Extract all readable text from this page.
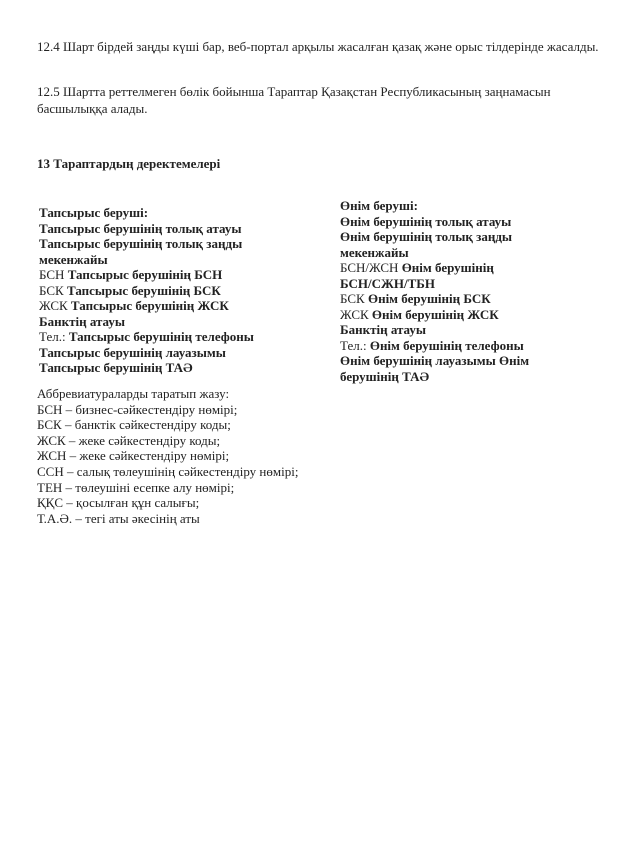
12.4 Шарт бірдей заңды күші бар, веб-портал арқылы жасалған қазақ және орыс тілдерінде жасалды.

12.5 Шартта реттелмеген бөлік бойынша Тараптар Қазақстан Республикасының заңнамасын басшылыққа алады.

13 Тараптардың деректемелері
Тапсырыс беруші:
Тапсырыс берушінің толық атауы
Тапсырыс берушінің толық заңды
мекенжайы
БСН Тапсырыс берушінің БСН
БСК Тапсырыс берушінің БСК
ЖСК Тапсырыс берушінің ЖСК
Банктің атауы
Тел.: Тапсырыс берушінің телефоны
Тапсырыс берушінің лауазымы
Тапсырыс берушінің ТАӘ
Өнім беруші:
Өнім берушінің толық атауы
Өнім берушінің толық заңды
мекенжайы
БСН/ЖСН Өнім берушінің
БСН/СЖН/ТБН
БСК Өнім берушінің БСК
ЖСК Өнім берушінің ЖСК
Банктің атауы
Тел.: Өнім берушінің телефоны
Өнім берушінің лауазымы Өнім
берушінің ТАӘ
Аббревиатураларды таратып жазу:
БСН – бизнес-сәйкестендіру нөмірі;
БСК – банктік сәйкестендіру коды;
ЖСК – жеке сәйкестендіру коды;
ЖСН – жеке сәйкестендіру нөмірі;
ССН – салық төлеушінің сәйкестендіру нөмірі;
ТЕН – төлеушіні есепке алу нөмірі;
ҚҚС – қосылған құн салығы;
Т.А.Ә. – тегі аты әкесінің аты
